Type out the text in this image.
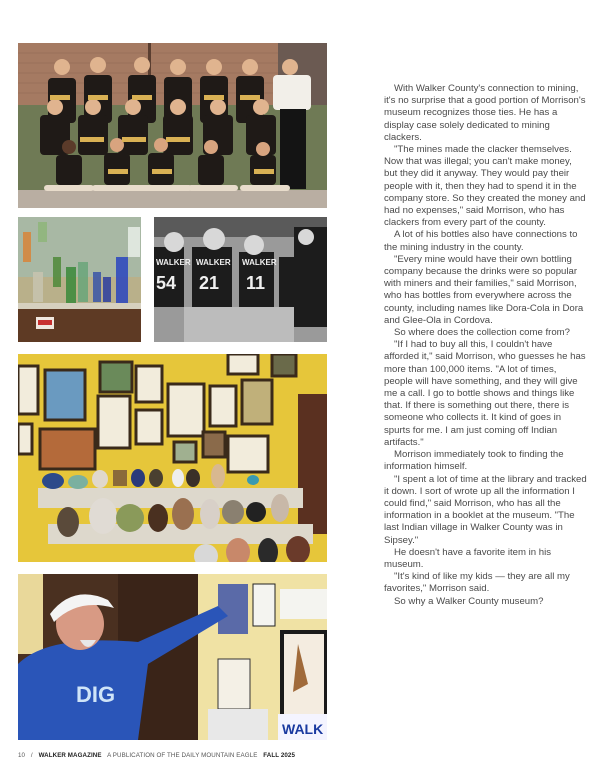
WALKER WALKER WALKER
54 21 11
WALK
DIG

With Walker County's connection to mining, it's no surprise that a good portion of Morrison's museum recognizes those ties. He has a display case solely dedicated to mining clackers.

"The mines made the clacker themselves. Now that was illegal; you can't make money, but they did it anyway. They would pay their people with it, then they had to spend it in the company store. So they created the money and had no expenses," said Morrison, who has clackers from every part of the county.

A lot of his bottles also have connections to the mining industry in the county.

"Every mine would have their own bottling company because the drinks were so popular with miners and their families," said Morrison, who has bottles from everywhere across the county, including names like Dora-Cola in Dora and Glee-Ola in Cordova.

So where does the collection come from?

"If I had to buy all this, I couldn't have afforded it," said Morrison, who guesses he has more than 100,000 items. "A lot of times, people will have something, and they will give me a call. I go to bottle shows and things like that. If there is something out there, there is someone who collects it. It kind of goes in spurts for me. I am just coming off Indian artifacts."

Morrison immediately took to finding the information himself.

"I spent a lot of time at the library and tracked it down. I sort of wrote up all the information I could find," said Morrison, who has all the information in a booklet at the museum. "The last Indian village in Walker County was in Sipsey."

He doesn't have a favorite item in his museum.

"It's kind of like my kids — they are all my favorites," Morrison said.

So why a Walker County museum?

10 / WALKER MAGAZINE A PUBLICATION OF THE DAILY MOUNTAIN EAGLE FALL 2025
